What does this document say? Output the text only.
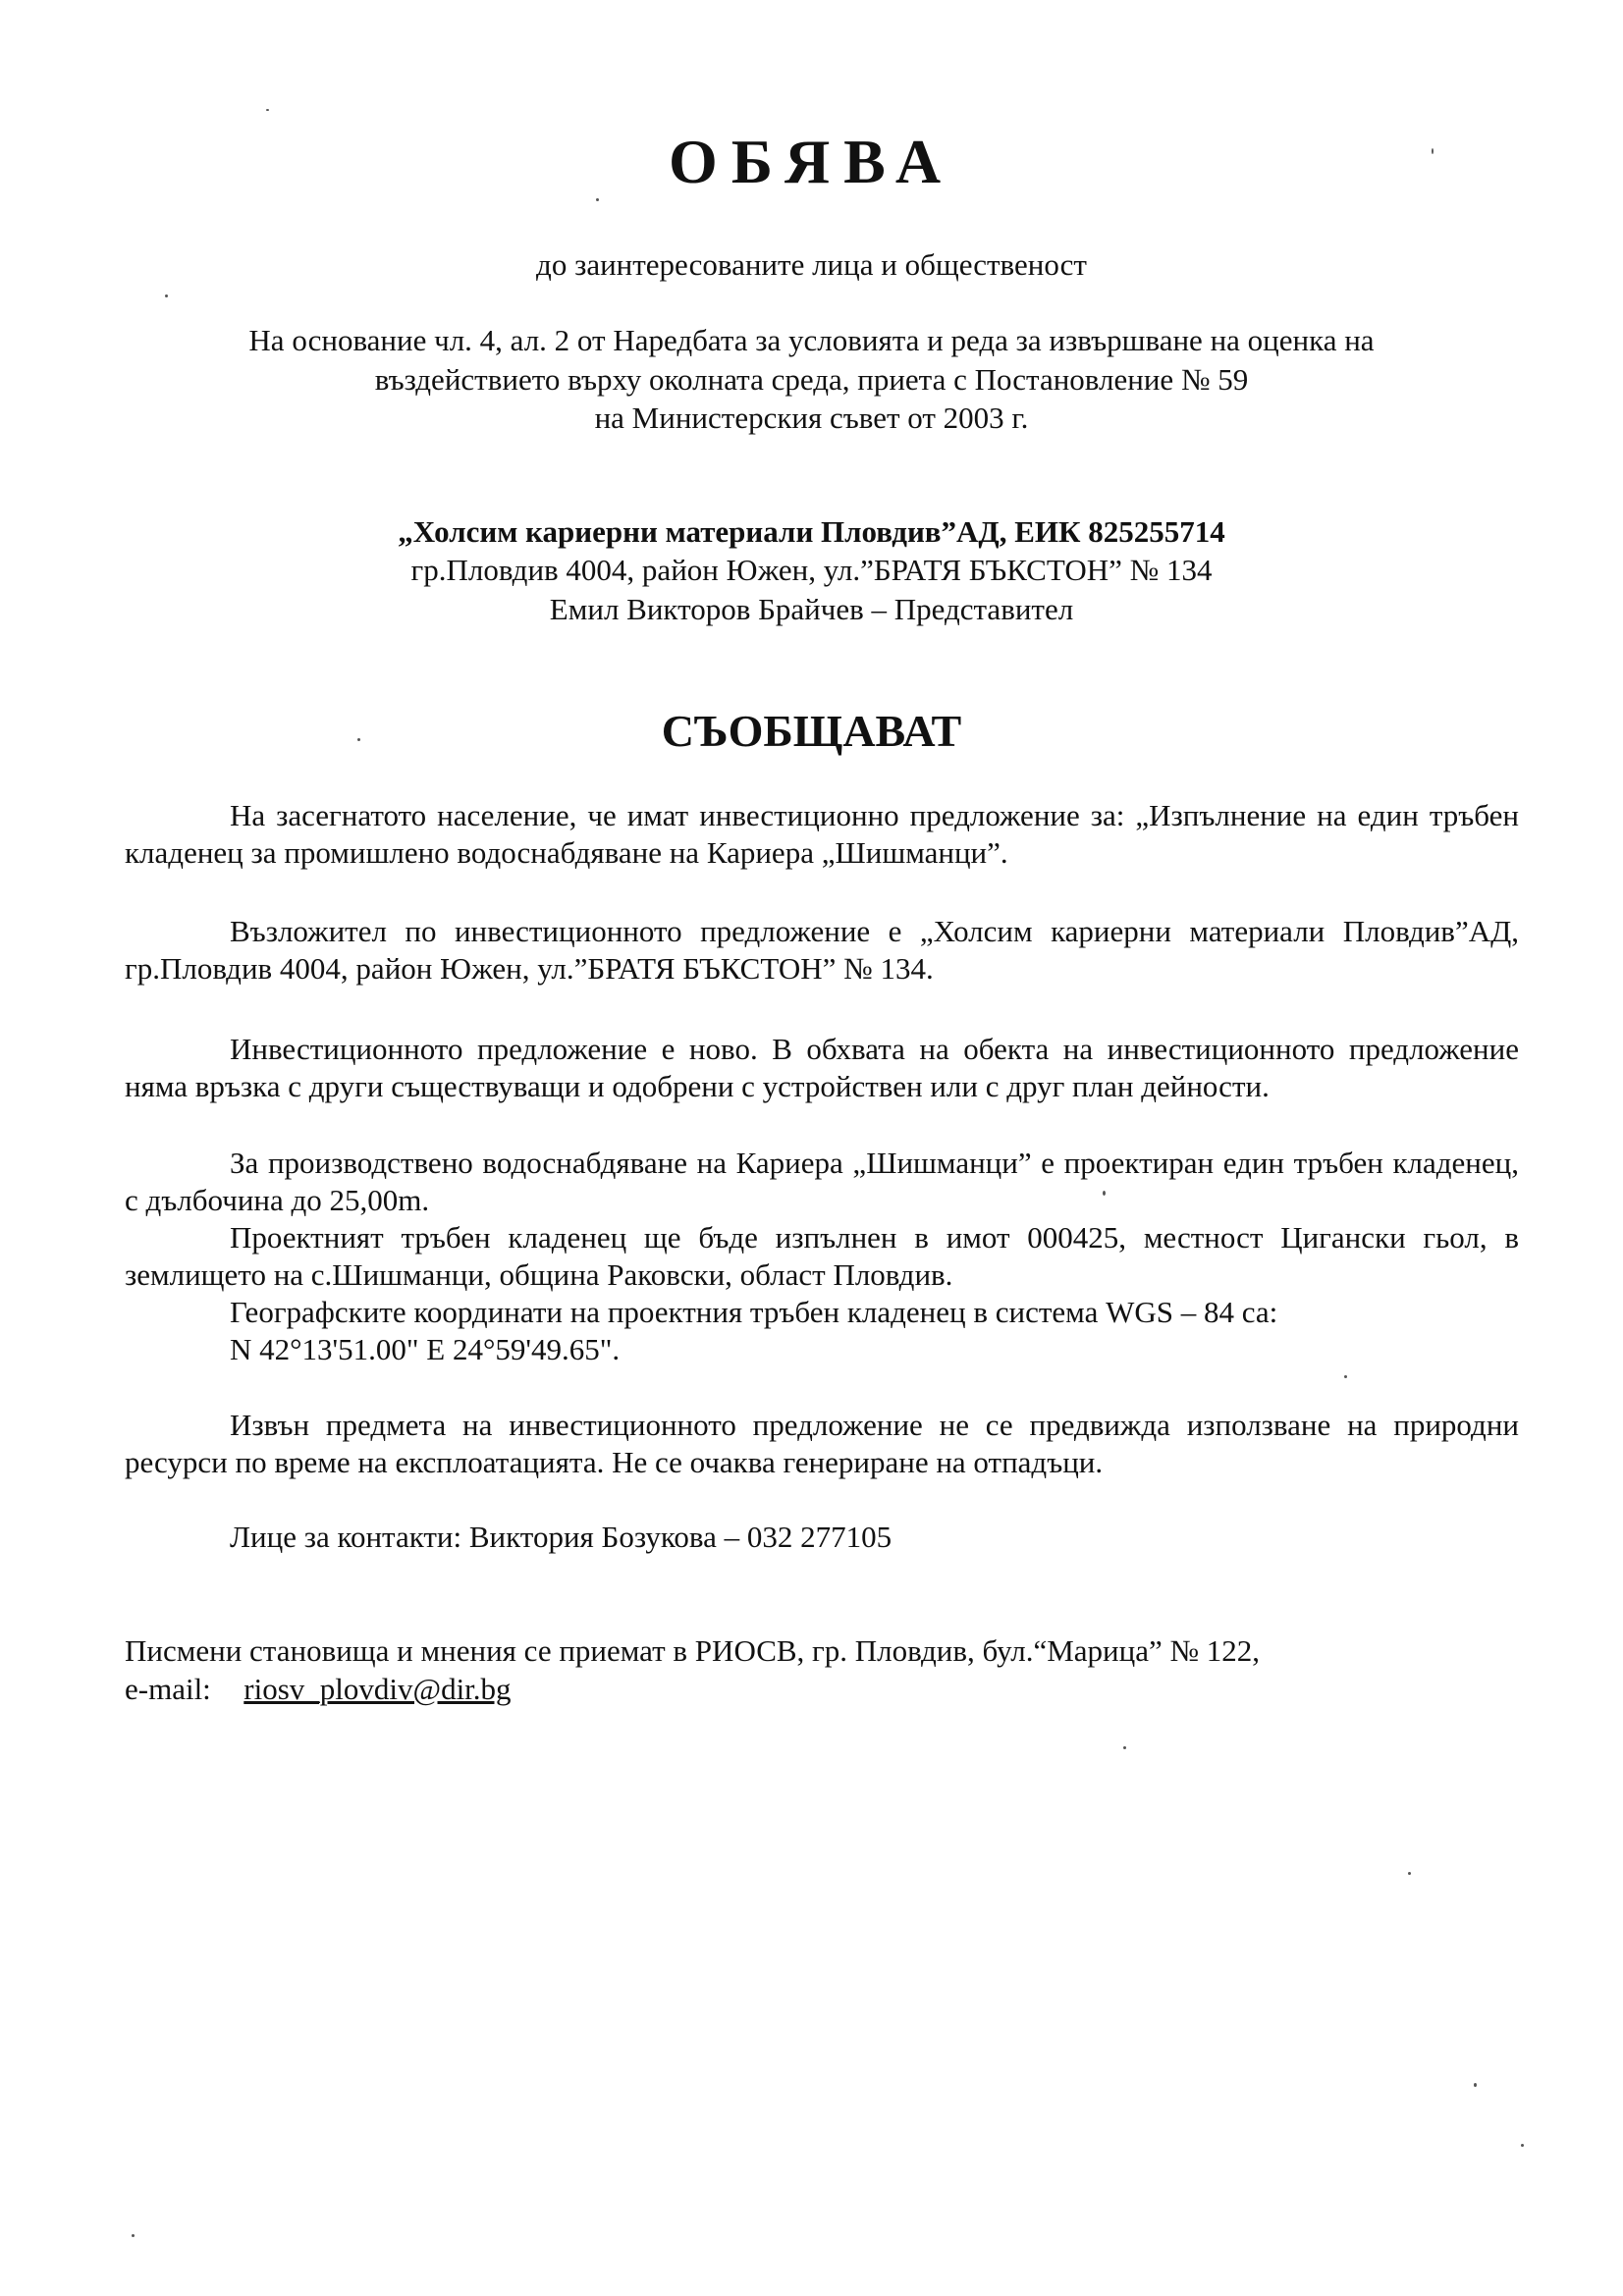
ОБЯВА
до заинтересованите лица и общественост
На основание чл. 4, ал. 2 от Наредбата за условията и реда за извършване на оценка на
въздействието върху околната среда, приета с Постановление № 59
на Министерския съвет от 2003 г.
„Холсим кариерни материали Пловдив”АД, ЕИК 825255714
гр.Пловдив 4004, район Южен, ул.”БРАТЯ БЪКСТОН” № 134
Емил Викторов Брайчев – Представител
СЪОБЩАВАТ
На засегнатото население, че имат инвестиционно предложение за: „Изпълнение на един тръбен кладенец за промишлено водоснабдяване на Кариера „Шишманци”.
Възложител по инвестиционното предложение е „Холсим кариерни материали Пловдив”АД, гр.Пловдив 4004, район Южен, ул.”БРАТЯ БЪКСТОН” № 134.
Инвестиционното предложение е ново. В обхвата на обекта на инвестиционното предложение няма връзка с други съществуващи и одобрени с устройствен или с друг план дейности.
За производствено водоснабдяване на Кариера „Шишманци” е проектиран един тръбен кладенец, с дълбочина до 25,00m.
Проектният тръбен кладенец ще бъде изпълнен в имот 000425, местност Цигански гьол, в землището на с.Шишманци, община Раковски, област Пловдив.
Географските координати на проектния тръбен кладенец в система WGS – 84 са:
N 42°13'51.00" E 24°59'49.65".
Извън предмета на инвестиционното предложение не се предвижда използване на природни ресурси по време на експлоатацията. Не се очаква генериране на отпадъци.
Лице за контакти: Виктория Бозукова – 032 277105
Писмени становища и мнения се приемат в РИОСВ, гр. Пловдив, бул.“Марица” № 122,
e-mail: riosv_plovdiv@dir.bg
